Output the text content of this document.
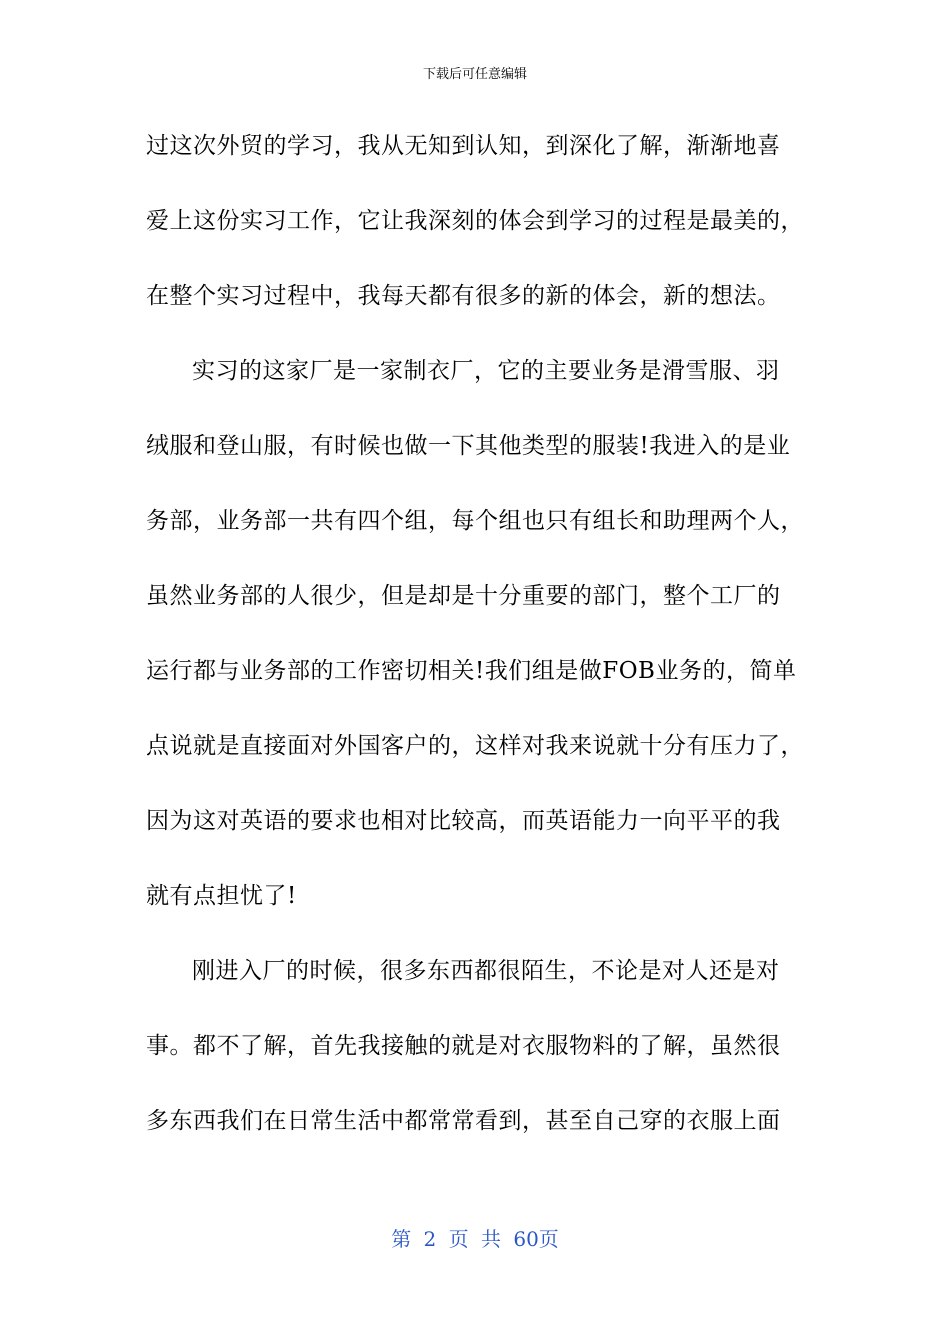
下载后可任意编辑
过这次外贸的学习，我从无知到认知，到深化了解，渐渐地喜
爱上这份实习工作，它让我深刻的体会到学习的过程是最美的，
在整个实习过程中，我每天都有很多的新的体会，新的想法。
实习的这家厂是一家制衣厂，它的主要业务是滑雪服、羽
绒服和登山服，有时候也做一下其他类型的服装!我进入的是业
务部，业务部一共有四个组，每个组也只有组长和助理两个人，
虽然业务部的人很少，但是却是十分重要的部门，整个工厂的
运行都与业务部的工作密切相关!我们组是做FOB业务的，简单
点说就是直接面对外国客户的，这样对我来说就十分有压力了，
因为这对英语的要求也相对比较高，而英语能力一向平平的我
就有点担忧了!
刚进入厂的时候，很多东西都很陌生，不论是对人还是对
事。都不了解，首先我接触的就是对衣服物料的了解，虽然很
多东西我们在日常生活中都常常看到，甚至自己穿的衣服上面
第 2 页 共 60页
